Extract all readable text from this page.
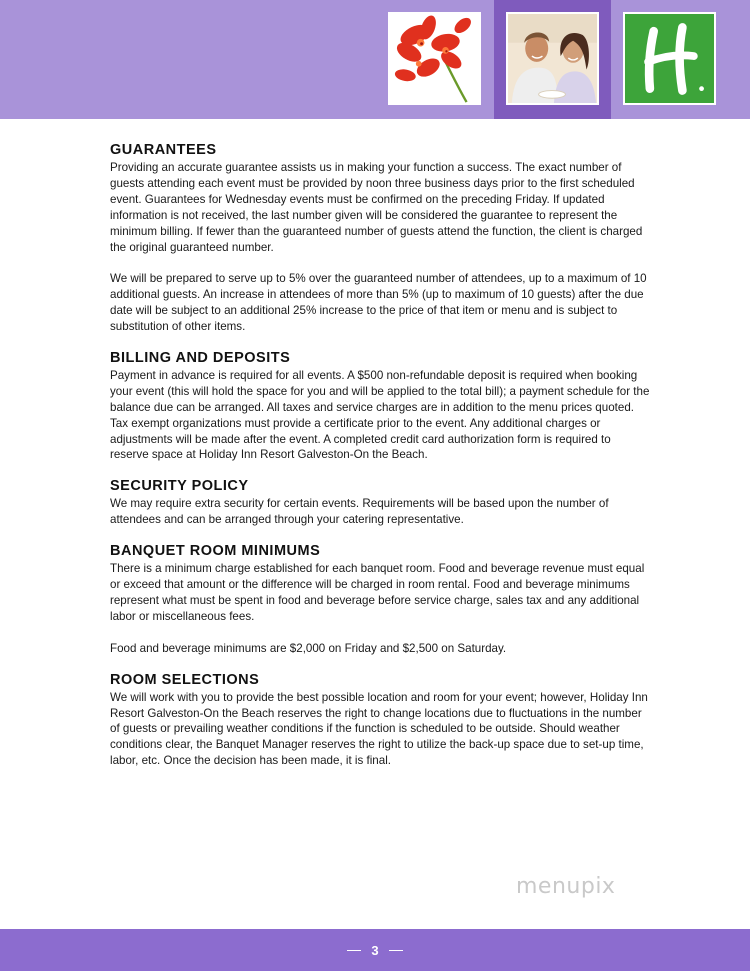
GUARANTEES

Providing an accurate guarantee assists us in making your function a success. The exact number of guests attending each event must be provided by noon three business days prior to the first scheduled event. Guarantees for Wednesday events must be confirmed on the preceding Friday. If updated information is not received, the last number given will be considered the guarantee to represent the minimum billing. If fewer than the guaranteed number of guests attend the function, the client is charged the original guaranteed number.

We will be prepared to serve up to 5% over the guaranteed number of attendees, up to a maximum of 10 additional guests. An increase in attendees of more than 5% (up to maximum of 10 guests) after the due date will be subject to an additional 25% increase to the price of that item or menu and is subject to substitution of other items.

BILLING AND DEPOSITS

Payment in advance is required for all events. A $500 non-refundable deposit is required when booking your event (this will hold the space for you and will be applied to the total bill); a payment schedule for the balance due can be arranged. All taxes and service charges are in addition to the menu prices quoted. Tax exempt organizations must provide a certificate prior to the event. Any additional charges or adjustments will be made after the event. A completed credit card authorization form is required to reserve space at Holiday Inn Resort Galveston-On the Beach.

SECURITY POLICY

We may require extra security for certain events. Requirements will be based upon the number of attendees and can be arranged through your catering representative.

BANQUET ROOM MINIMUMS

There is a minimum charge established for each banquet room. Food and beverage revenue must equal or exceed that amount or the difference will be charged in room rental. Food and beverage minimums represent what must be spent in food and beverage before service charge, sales tax and any additional labor or miscellaneous fees.

Food and beverage minimums are $2,000 on Friday and $2,500 on Saturday.

ROOM SELECTIONS

We will work with you to provide the best possible location and room for your event; however, Holiday Inn Resort Galveston-On the Beach reserves the right to change locations due to fluctuations in the number of guests or prevailing weather conditions if the function is scheduled to be outside. Should weather conditions clear, the Banquet Manager reserves the right to utilize the back-up space due to set-up time, labor, etc. Once the decision has been made, it is final.

menupix
3
